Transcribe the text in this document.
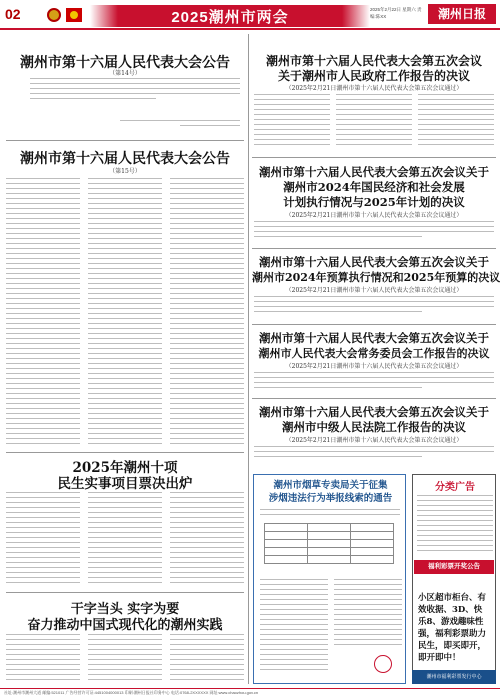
02	2025潮州市两会	2025年2月22日 星期六 责编:陈XX	潮州日报
潮州市第十六届人民代表大会公告
（第14号）
潮州市第十六届人民代表大会公告
（第15号）
2025年潮州十项
民生实事项目票决出炉
干字当头 实字为要
奋力推动中国式现代化的潮州实践
潮州市第十六届人民代表大会第五次会议
关于潮州市人民政府工作报告的决议
（2025年2月21日潮州市第十六届人民代表大会第五次会议通过）
潮州市第十六届人民代表大会第五次会议关于
潮州市2024年国民经济和社会发展
计划执行情况与2025年计划的决议
（2025年2月21日潮州市第十六届人民代表大会第五次会议通过）
潮州市第十六届人民代表大会第五次会议关于
潮州市2024年预算执行情况和2025年预算的决议
（2025年2月21日潮州市第十六届人民代表大会第五次会议通过）
潮州市第十六届人民代表大会第五次会议关于
潮州市人民代表大会常务委员会工作报告的决议
（2025年2月21日潮州市第十六届人民代表大会第五次会议通过）
潮州市第十六届人民代表大会第五次会议关于
潮州市中级人民法院工作报告的决议
（2025年2月21日潮州市第十六届人民代表大会第五次会议通过）
潮州市烟草专卖局关于征集
涉烟违法行为举报线索的通告

分类广告
福利彩票开奖公告
小区超市柜台、有效收据、3D、快乐8、游戏趣味性强，福利彩票助力民生，即买即开，即开即中！
潮州市福利彩票发行中心
社址:潮州市潮州大道 邮编:521011 广告经营许可证:4451004000013 印刷:潮州日报社印务中心 电话:0768-2XXXXXX 网址:www.chaozhou.gov.cn
